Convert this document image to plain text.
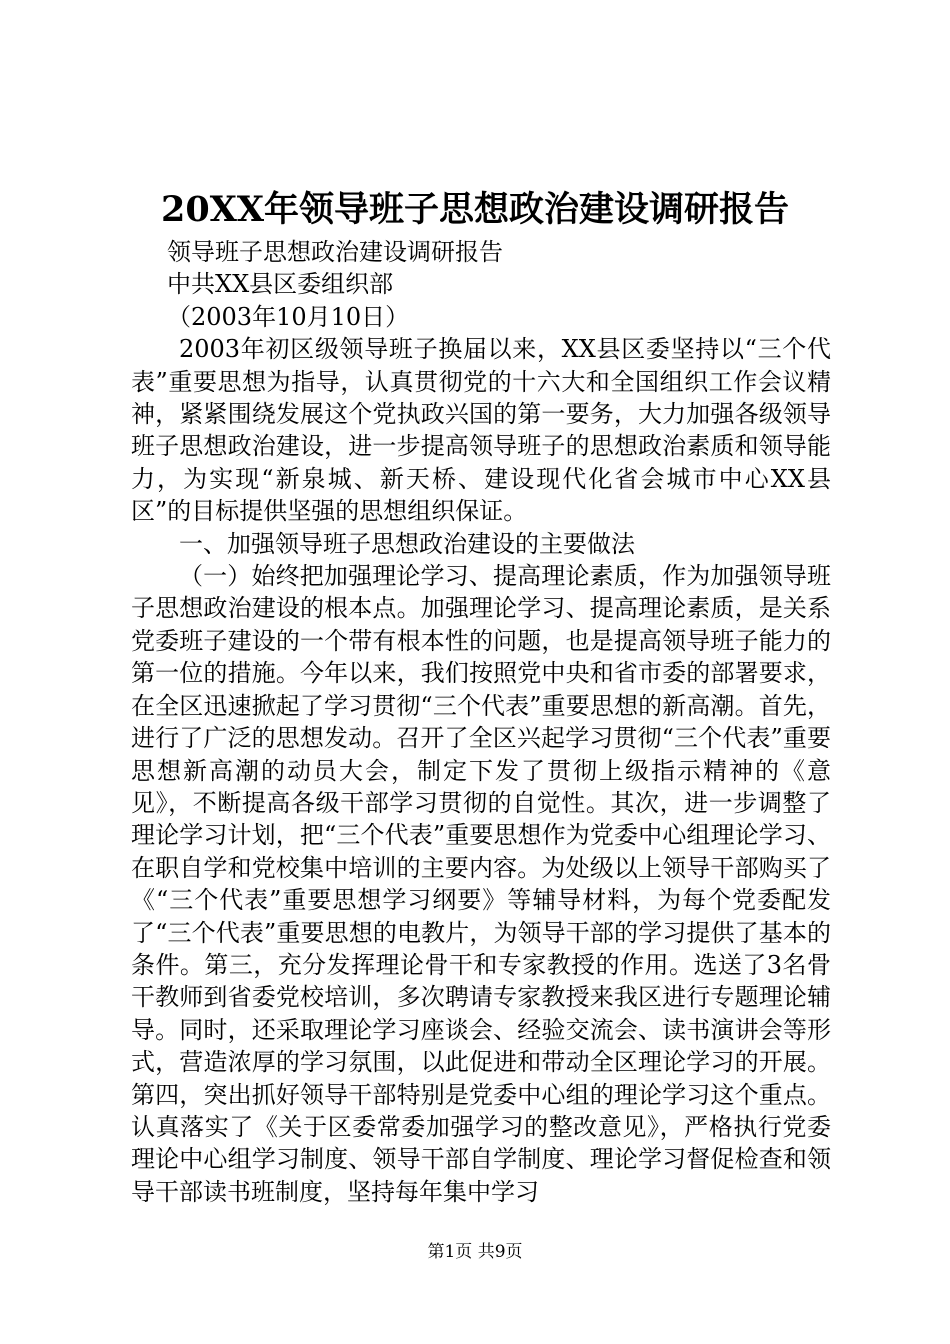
20XX年领导班子思想政治建设调研报告

领导班子思想政治建设调研报告

中共XX县区委组织部

（2003年10月10日）

2003年初区级领导班子换届以来，XX县区委坚持以“三个代表”重要思想为指导，认真贯彻党的十六大和全国组织工作会议精神，紧紧围绕发展这个党执政兴国的第一要务，大力加强各级领导班子思想政治建设，进一步提高领导班子的思想政治素质和领导能力，为实现“新泉城、新天桥、建设现代化省会城市中心XX县区”的目标提供坚强的思想组织保证。

一、加强领导班子思想政治建设的主要做法

（一）始终把加强理论学习、提高理论素质，作为加强领导班子思想政治建设的根本点。加强理论学习、提高理论素质，是关系党委班子建设的一个带有根本性的问题，也是提高领导班子能力的第一位的措施。今年以来，我们按照党中央和省市委的部署要求，在全区迅速掀起了学习贯彻“三个代表”重要思想的新高潮。首先，进行了广泛的思想发动。召开了全区兴起学习贯彻“三个代表”重要思想新高潮的动员大会，制定下发了贯彻上级指示精神的《意见》，不断提高各级干部学习贯彻的自觉性。其次，进一步调整了理论学习计划，把“三个代表”重要思想作为党委中心组理论学习、在职自学和党校集中培训的主要内容。为处级以上领导干部购买了《“三个代表”重要思想学习纲要》等辅导材料，为每个党委配发了“三个代表”重要思想的电教片，为领导干部的学习提供了基本的条件。第三，充分发挥理论骨干和专家教授的作用。选送了3名骨干教师到省委党校培训，多次聘请专家教授来我区进行专题理论辅导。同时，还采取理论学习座谈会、经验交流会、读书演讲会等形式，营造浓厚的学习氛围，以此促进和带动全区理论学习的开展。第四，突出抓好领导干部特别是党委中心组的理论学习这个重点。认真落实了《关于区委常委加强学习的整改意见》，严格执行党委理论中心组学习制度、领导干部自学制度、理论学习督促检查和领导干部读书班制度，坚持每年集中学习

第1页 共9页
